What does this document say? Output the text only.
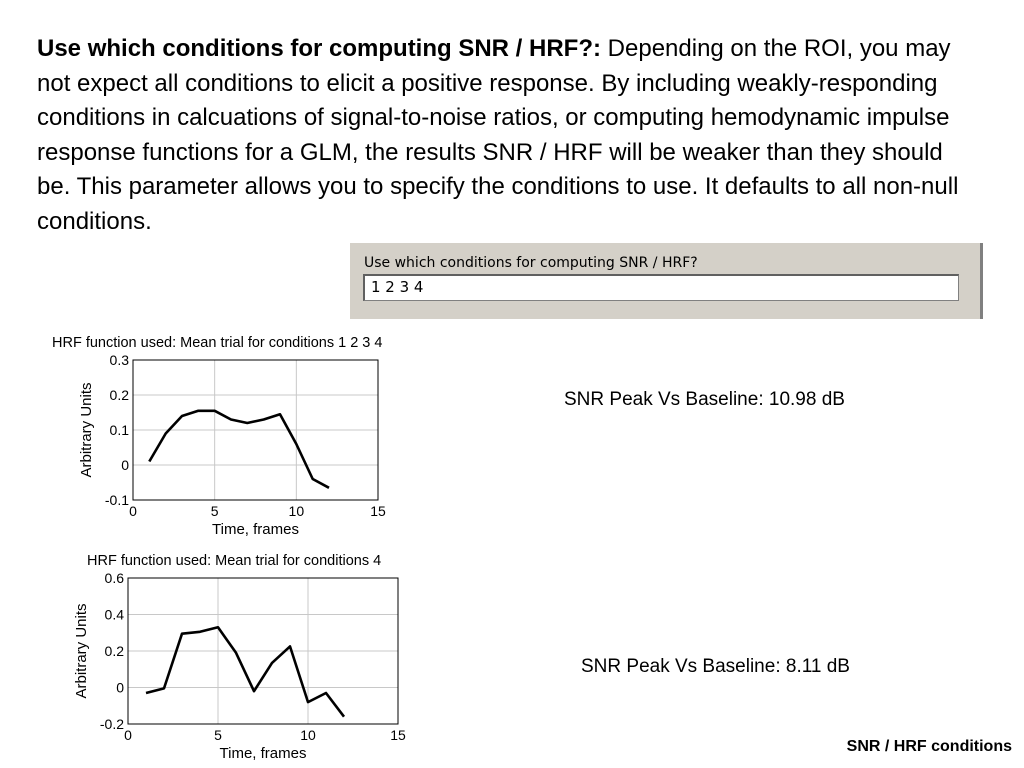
Use which conditions for computing SNR / HRF?: Depending on the ROI, you may not expect all conditions to elicit a positive response. By including weakly-responding conditions in calcuations of signal-to-noise ratios, or computing hemodynamic impulse response functions for a GLM, the results SNR / HRF will be weaker than they should be. This parameter allows you to specify the conditions to use. It defaults to all non-null conditions.

Use which conditions for computing SNR / HRF?
1 2 3 4
HRF function used: Mean trial for conditions 1 2 3 4
0	5	10	15
-0.1
0
0.1
0.2
0.3
Time, frames
Arbitrary Units
HRF function used: Mean trial for conditions 4
0	5	10	15
-0.2
0
0.2
0.4
0.6
Time, frames
Arbitrary Units
SNR Peak Vs Baseline: 10.98 dB
SNR Peak Vs Baseline: 8.11 dB
SNR / HRF conditions
